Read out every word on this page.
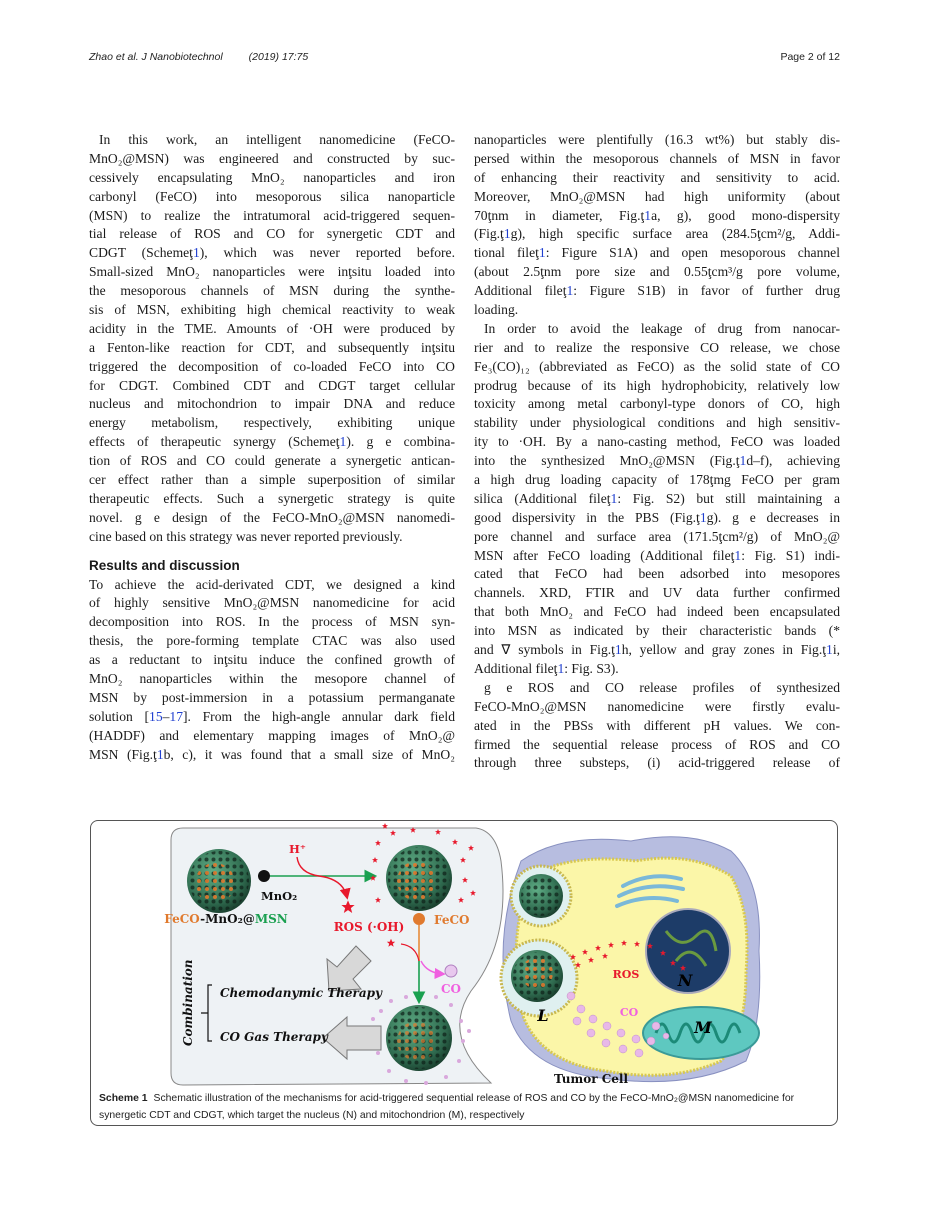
Zhao et al. J Nanobiotechnol (2019) 17:75	Page 2 of 12
In this work, an intelligent nanomedicine (FeCO-
MnO₂@MSN) was engineered and constructed by suc-
cessively encapsulating MnO₂ nanoparticles and iron
carbonyl (FeCO) into mesoporous silica nanoparticle
(MSN) to realize the intratumoral acid-triggered sequen-
tial release of ROS and CO for synergetic CDT and
CDGT (Schemeţ1), which was never reported before.
Small-sized MnO₂ nanoparticles were inţsitu loaded into
the mesoporous channels of MSN during the synthe-
sis of MSN, exhibiting high chemical reactivity to weak
acidity in the TME. Amounts of ·OH were produced by
a Fenton-like reaction for CDT, and subsequently inţsitu
triggered the decomposition of co-loaded FeCO into CO
for CDGT. Combined CDT and CDGT target cellular
nucleus and mitochondrion to impair DNA and reduce
energy metabolism, respectively, exhibiting unique
effects of therapeutic synergy (Schemeţ1). g e combina-
tion of ROS and CO could generate a synergetic antican-
cer effect rather than a simple superposition of similar
therapeutic effects. Such a synergetic strategy is quite
novel. g e design of the FeCO-MnO₂@MSN nanomedi-
cine based on this strategy was never reported previously.
Results and discussion
To achieve the acid-derivated CDT, we designed a kind
of highly sensitive MnO₂@MSN nanomedicine for acid
decomposition into ROS. In the process of MSN syn-
thesis, the pore-forming template CTAC was also used
as a reductant to inţsitu induce the confined growth of
MnO₂ nanoparticles within the mesopore channel of
MSN by post-immersion in a potassium permanganate
solution [15–17]. From the high-angle annular dark field
(HADDF) and elementary mapping images of MnO₂@
MSN (Fig.ţ1b, c), it was found that a small size of MnO₂
nanoparticles were plentifully (16.3 wt%) but stably dis-
persed within the mesoporous channels of MSN in favor
of enhancing their reactivity and sensitivity to acid.
Moreover, MnO₂@MSN had high uniformity (about
70ţnm in diameter, Fig.ţ1a, g), good mono-dispersity
(Fig.ţ1g), high specific surface area (284.5ţcm²/g, Addi-
tional fileţ1: Figure S1A) and open mesoporous channel
(about 2.5ţnm pore size and 0.55ţcm³/g pore volume,
Additional fileţ1: Figure S1B) in favor of further drug
loading.
In order to avoid the leakage of drug from nanocar-
rier and to realize the responsive CO release, we chose
Fe₃(CO)₁₂ (abbreviated as FeCO) as the solid state of CO
prodrug because of its high hydrophobicity, relatively low
toxicity among metal carbonyl-type donors of CO, high
stability under physiological conditions and high sensitiv-
ity to ·OH. By a nano-casting method, FeCO was loaded
into the synthesized MnO₂@MSN (Fig.ţ1d–f), achieving
a high drug loading capacity of 178ţmg FeCO per gram
silica (Additional fileţ1: Fig. S2) but still maintaining a
good dispersivity in the PBS (Fig.ţ1g). g e decreases in
pore channel and surface area (171.5ţcm²/g) of MnO₂@
MSN after FeCO loading (Additional fileţ1: Fig. S1) indi-
cated that FeCO had been adsorbed into mesopores
channels. XRD, FTIR and UV data further confirmed
that both MnO₂ and FeCO had indeed been encapsulated
into MSN as indicated by their characteristic bands (*
and ∇ symbols in Fig.ţ1h, yellow and gray zones in Fig.ţ1i,
Additional fileţ1: Fig. S3).
g e ROS and CO release profiles of synthesized
FeCO-MnO₂@MSN nanomedicine were firstly evalu-
ated in the PBSs with different pH values. We con-
firmed the sequential release process of ROS and CO
through three substeps, (i) acid-triggered release of
FeCO-MnO₂@MSN
MnO₂
H⁺
ROS (·OH) FeCO
CO
Combination Chemodanymic Therapy
CO Gas Therapy
ROS
CO
N
M
L
Tumor Cell
Scheme 1 Schematic illustration of the mechanisms for acid-triggered sequential release of ROS and CO by the FeCO-MnO₂@MSN nanomedicine for synergetic CDT and CDGT, which target the nucleus (N) and mitochondrion (M), respectively
